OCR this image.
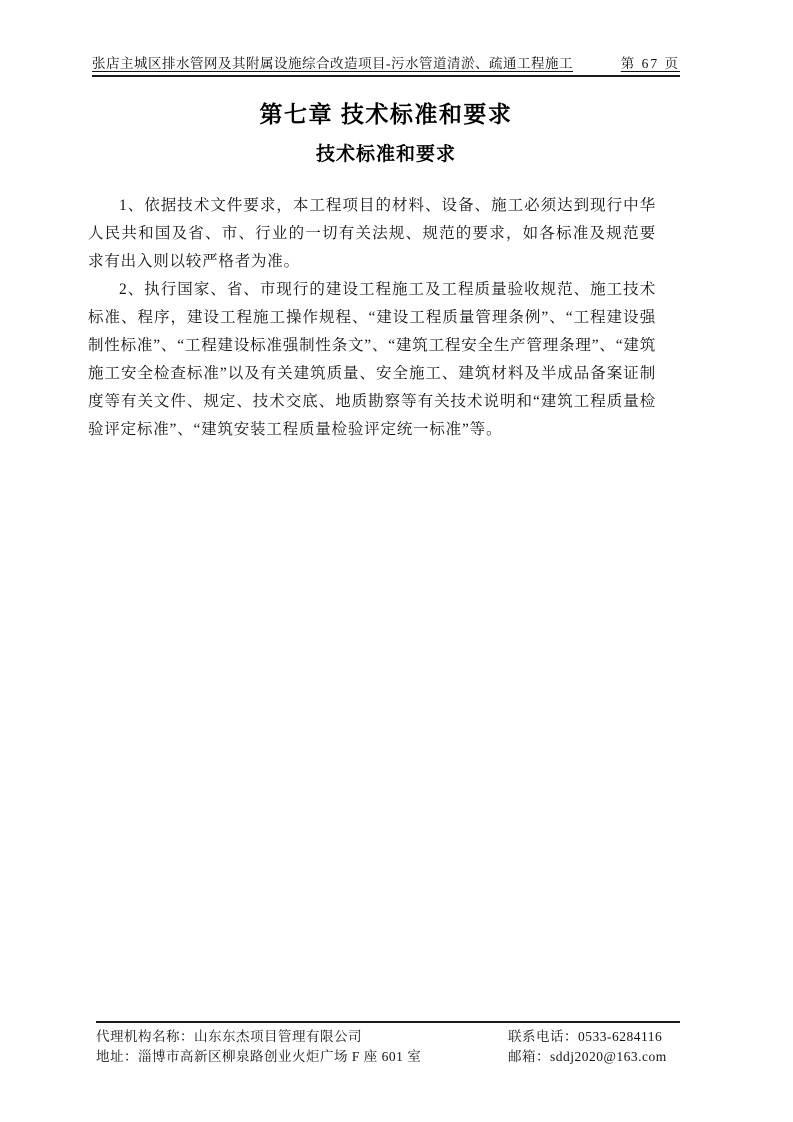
张店主城区排水管网及其附属设施综合改造项目-污水管道清淤、疏通工程施工	第 67 页
第七章 技术标准和要求
技术标准和要求

1、依据技术文件要求，本工程项目的材料、设备、施工必须达到现行中华人民共和国及省、市、行业的一切有关法规、规范的要求，如各标准及规范要求有出入则以较严格者为准。

2、执行国家、省、市现行的建设工程施工及工程质量验收规范、施工技术标准、程序，建设工程施工操作规程、“建设工程质量管理条例”、“工程建设强制性标准”、“工程建设标准强制性条文”、“建筑工程安全生产管理条理”、“建筑施工安全检查标准”以及有关建筑质量、安全施工、建筑材料及半成品备案证制度等有关文件、规定、技术交底、地质勘察等有关技术说明和“建筑工程质量检验评定标准”、“建筑安装工程质量检验评定统一标准”等。

代理机构名称：山东东杰项目管理有限公司	联系电话：0533-6284116
地址：淄博市高新区柳泉路创业火炬广场 F 座 601 室	邮箱：sddj2020@163.com
